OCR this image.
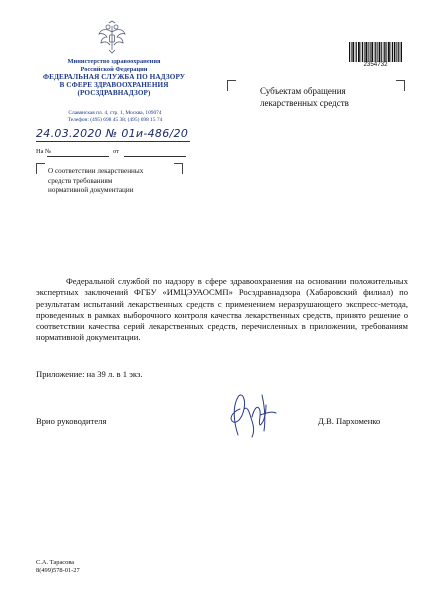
Министерство здравоохранения
Российской Федерации
ФЕДЕРАЛЬНАЯ СЛУЖБА ПО НАДЗОРУ
В СФЕРЕ ЗДРАВООХРАНЕНИЯ
(РОСЗДРАВНАДЗОР)
Славянская пл. 4, стр. 1, Москва, 109074
Телефон: (495) 698 45 38; (495) 698 15 74
2354732
Субъектам обращения
лекарственных средств
24.03.2020 № 01и-486/20
На №	от
О соответствии лекарственных
средств требованиям
нормативной документации

Федеральной службой по надзору в сфере здравоохранения на основании положительных экспертных заключений ФГБУ «ИМЦЭУАОСМП» Росздравнадзора (Хабаровский филиал) по результатам испытаний лекарственных средств с применением неразрушающего экспресс-метода, проведенных в рамках выборочного контроля качества лекарственных средств, принято решение о соответствии качества серий лекарственных средств, перечисленных в приложении, требованиям нормативной документации.

Приложение: на 39 л. в 1 экз.
Врио руководителя	Д.В. Пархоменко
С.А. Тарасова
8(499)578-01-27
